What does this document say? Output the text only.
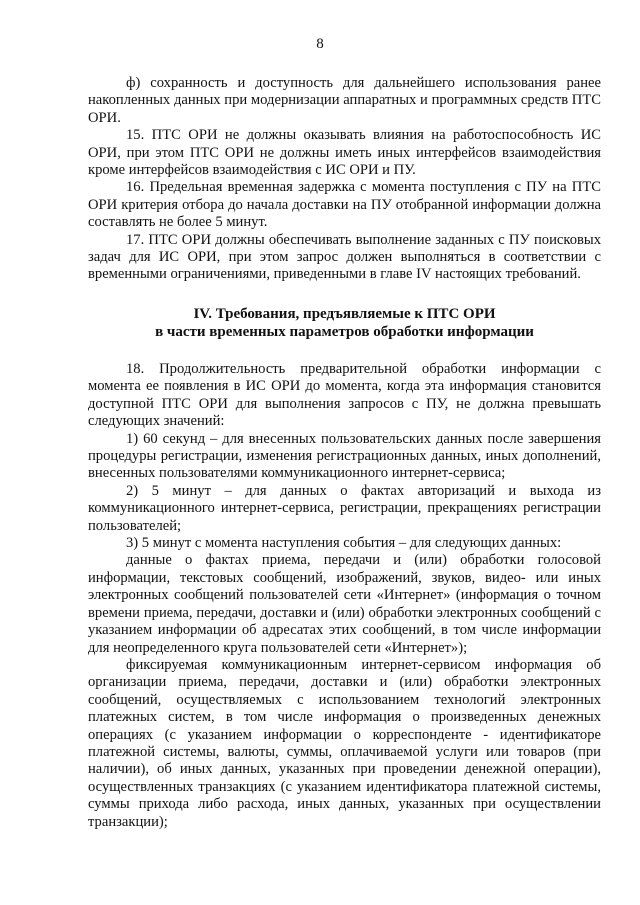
8

ф) сохранность и доступность для дальнейшего использования ранее накопленных данных при модернизации аппаратных и программных средств ПТС ОРИ.

15. ПТС ОРИ не должны оказывать влияния на работоспособность ИС ОРИ, при этом ПТС ОРИ не должны иметь иных интерфейсов взаимодействия кроме интерфейсов взаимодействия с ИС ОРИ и ПУ.

16. Предельная временная задержка с момента поступления с ПУ на ПТС ОРИ критерия отбора до начала доставки на ПУ отобранной информации должна составлять не более 5 минут.

17. ПТС ОРИ должны обеспечивать выполнение заданных с ПУ поисковых задач для ИС ОРИ, при этом запрос должен выполняться в соответствии с временными ограничениями, приведенными в главе IV настоящих требований.

IV. Требования, предъявляемые к ПТС ОРИ
в части временных параметров обработки информации

18. Продолжительность предварительной обработки информации с момента ее появления в ИС ОРИ до момента, когда эта информация становится доступной ПТС ОРИ для выполнения запросов с ПУ, не должна превышать следующих значений:

1) 60 секунд – для внесенных пользовательских данных после завершения процедуры регистрации, изменения регистрационных данных, иных дополнений, внесенных пользователями коммуникационного интернет-сервиса;

2) 5 минут – для данных о фактах авторизаций и выхода из коммуникационного интернет-сервиса, регистрации, прекращениях регистрации пользователей;

3) 5 минут с момента наступления события – для следующих данных:

данные о фактах приема, передачи и (или) обработки голосовой информации, текстовых сообщений, изображений, звуков, видео- или иных электронных сообщений пользователей сети «Интернет» (информация о точном времени приема, передачи, доставки и (или) обработки электронных сообщений с указанием информации об адресатах этих сообщений, в том числе информации для неопределенного круга пользователей сети «Интернет»);

фиксируемая коммуникационным интернет-сервисом информация об организации приема, передачи, доставки и (или) обработки электронных сообщений, осуществляемых с использованием технологий электронных платежных систем, в том числе информация о произведенных денежных операциях (с указанием информации о корреспонденте - идентификаторе платежной системы, валюты, суммы, оплачиваемой услуги или товаров (при наличии), об иных данных, указанных при проведении денежной операции), осуществленных транзакциях (с указанием идентификатора платежной системы, суммы прихода либо расхода, иных данных, указанных при осуществлении транзакции);
